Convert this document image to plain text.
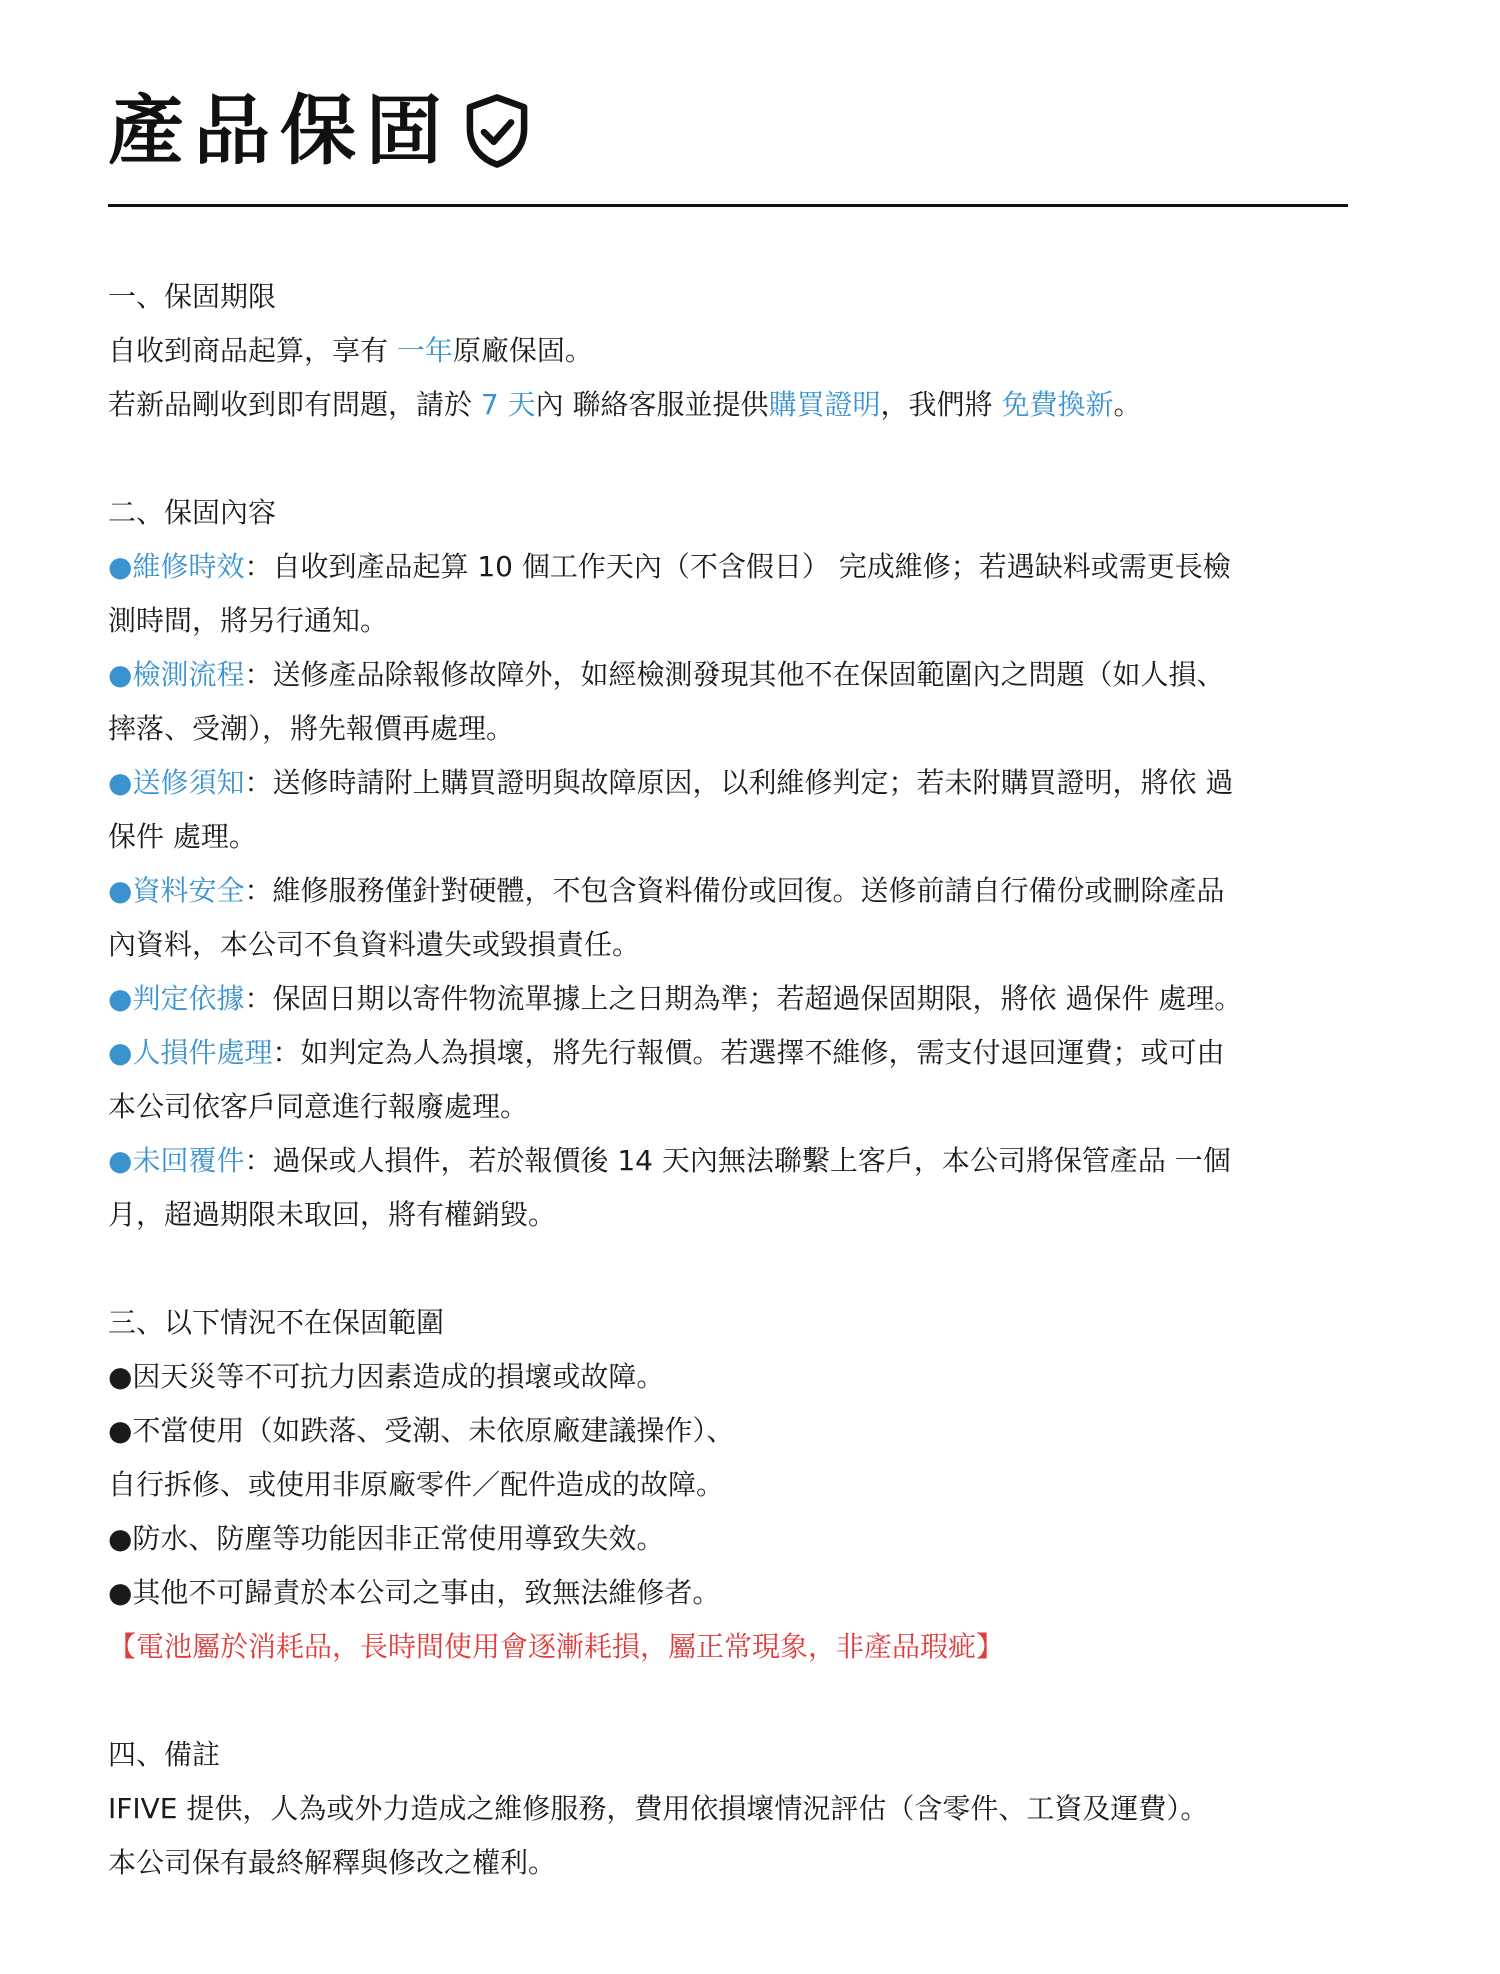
產品保固
一、保固期限
自收到商品起算，享有 一年原廠保固。
若新品剛收到即有問題，請於 7 天內 聯絡客服並提供購買證明，我們將 免費換新。
二、保固內容
●維修時效：自收到產品起算 10 個工作天內（不含假日） 完成維修；若遇缺料或需更長檢
測時間，將另行通知。
●檢測流程：送修產品除報修故障外，如經檢測發現其他不在保固範圍內之問題（如人損、
摔落、受潮），將先報價再處理。
●送修須知：送修時請附上購買證明與故障原因，以利維修判定；若未附購買證明，將依 過
保件 處理。
●資料安全：維修服務僅針對硬體，不包含資料備份或回復。送修前請自行備份或刪除產品
內資料，本公司不負資料遺失或毀損責任。
●判定依據：保固日期以寄件物流單據上之日期為準；若超過保固期限，將依 過保件 處理。
●人損件處理：如判定為人為損壞，將先行報價。若選擇不維修，需支付退回運費；或可由
本公司依客戶同意進行報廢處理。
●未回覆件：過保或人損件，若於報價後 14 天內無法聯繫上客戶，本公司將保管產品 一個
月，超過期限未取回，將有權銷毀。
三、以下情況不在保固範圍
●因天災等不可抗力因素造成的損壞或故障。
●不當使用（如跌落、受潮、未依原廠建議操作）、
自行拆修、或使用非原廠零件／配件造成的故障。
●防水、防塵等功能因非正常使用導致失效。
●其他不可歸責於本公司之事由，致無法維修者。
【電池屬於消耗品，長時間使用會逐漸耗損，屬正常現象，非產品瑕疵】
四、備註
IFIVE 提供，人為或外力造成之維修服務，費用依損壞情況評估（含零件、工資及運費）。
本公司保有最終解釋與修改之權利。
